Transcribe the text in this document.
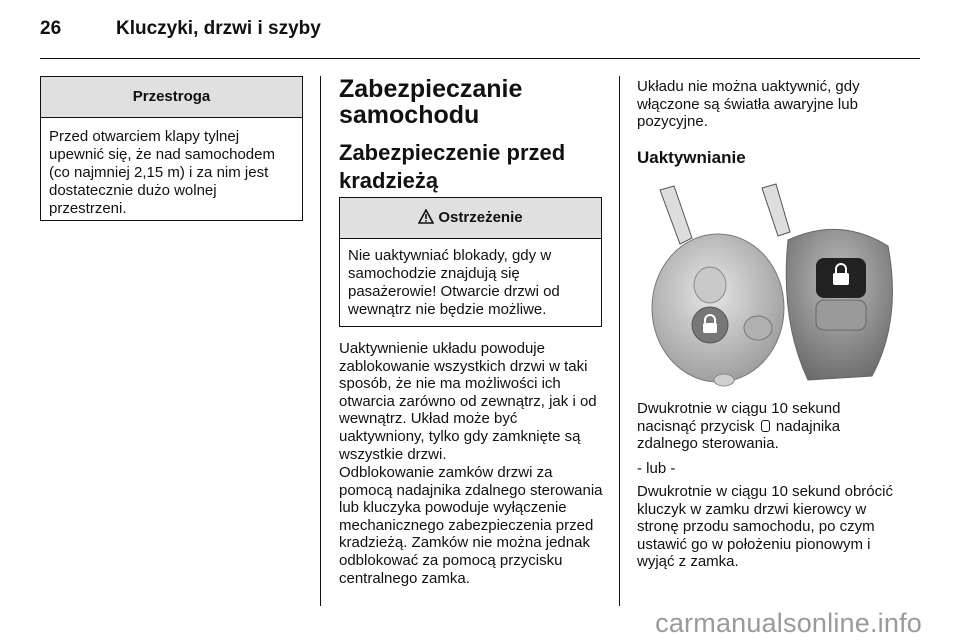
26	Kluczyki, drzwi i szyby
Przestroga
Przed otwarciem klapy tylnej upewnić się, że nad samochodem (co najmniej 2,15 m) i za nim jest dostatecznie dużo wolnej przestrzeni.
Zabezpieczanie
samochodu
Zabezpieczenie przed
kradzieżą
Ostrzeżenie
Nie uaktywniać blokady, gdy w samochodzie znajdują się pasażerowie! Otwarcie drzwi od wewnątrz nie będzie możliwe.
Uaktywnienie układu powoduje zablokowanie wszystkich drzwi w taki sposób, że nie ma możliwości ich otwarcia zarówno od zewnątrz, jak i od wewnątrz. Układ może być uaktywniony, tylko gdy zamknięte są wszystkie drzwi.
Odblokowanie zamków drzwi za pomocą nadajnika zdalnego sterowania lub kluczyka powoduje wyłączenie mechanicznego zabezpieczenia przed kradzieżą. Zamków nie można jednak odblokować za pomocą przycisku centralnego zamka.
Układu nie można uaktywnić, gdy włączone są światła awaryjne lub pozycyjne.
Uaktywnianie
Dwukrotnie w ciągu 10 sekund nacisnąć przycisk nadajnika zdalnego sterowania.
- lub -
Dwukrotnie w ciągu 10 sekund obrócić kluczyk w zamku drzwi kierowcy w stronę przodu samochodu, po czym ustawić go w położeniu pionowym i wyjąć z zamka.
carmanualsonline.info
